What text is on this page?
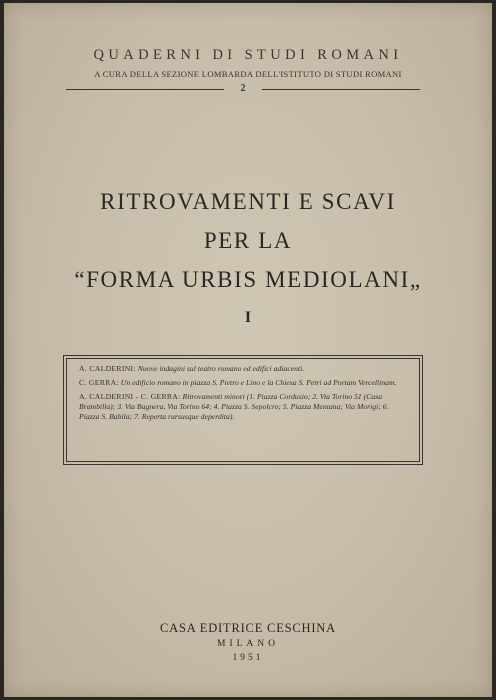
QUADERNI DI STUDI ROMANI
A CURA DELLA SEZIONE LOMBARDA DELL'ISTITUTO DI STUDI ROMANI
2
RITROVAMENTI E SCAVI
PER LA
“FORMA URBIS MEDIOLANI„
I
A. CALDERINI: Nuove indagini sul teatro romano ed edifici adiacenti.
C. GERRA: Un edificio romano in piazza S. Pietro e Lino e la Chiesa S. Petri ad Portam Vercellinam.
A. CALDERINI - C. GERRA: Ritrovamenti minori (1. Piazza Cordusio; 2. Via Torino 51 (Casa Brambilla); 3. Via Bagnera, Via Torino 64; 4. Piazza S. Sepolcro; 5. Piazza Mentana; Via Morigi; 6. Piazza S. Babila; 7. Reperta rursusque deperdita).
CASA EDITRICE CESCHINA
MILANO
1951
